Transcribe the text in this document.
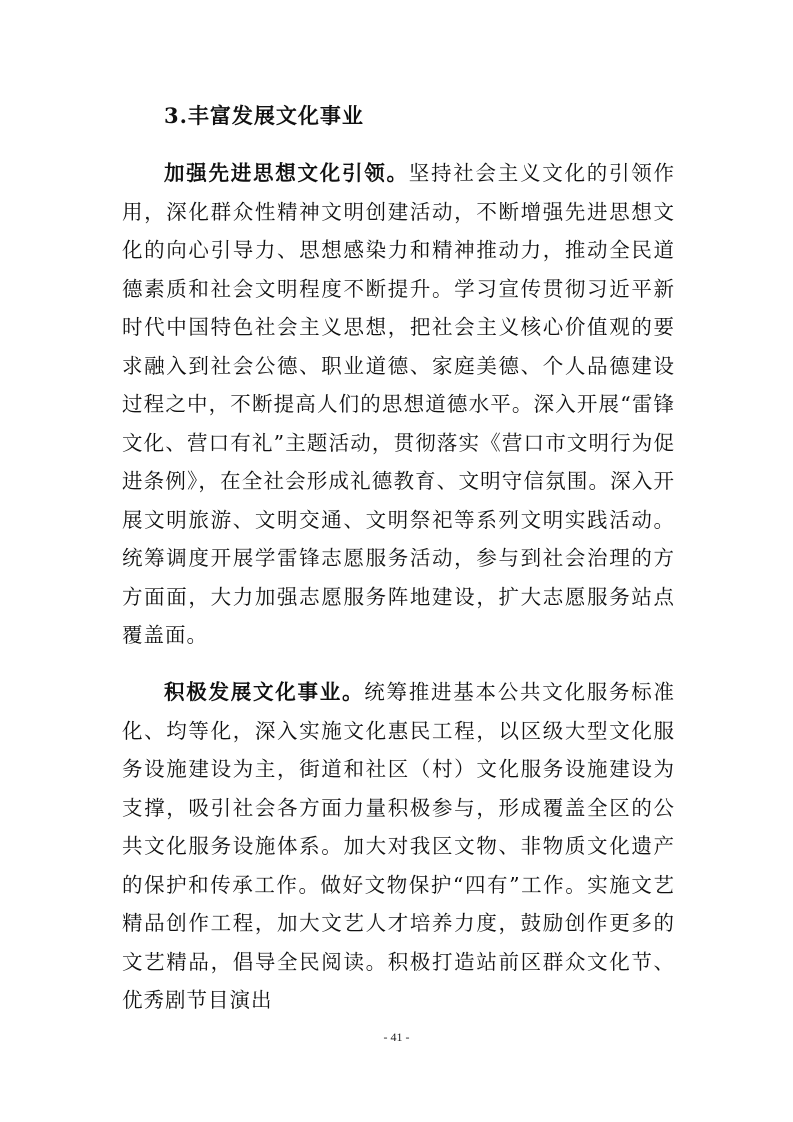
3.丰富发展文化事业

加强先进思想文化引领。坚持社会主义文化的引领作用，深化群众性精神文明创建活动，不断增强先进思想文化的向心引导力、思想感染力和精神推动力，推动全民道德素质和社会文明程度不断提升。学习宣传贯彻习近平新时代中国特色社会主义思想，把社会主义核心价值观的要求融入到社会公德、职业道德、家庭美德、个人品德建设过程之中，不断提高人们的思想道德水平。深入开展“雷锋文化、营口有礼”主题活动，贯彻落实《营口市文明行为促进条例》，在全社会形成礼德教育、文明守信氛围。深入开展文明旅游、文明交通、文明祭祀等系列文明实践活动。统筹调度开展学雷锋志愿服务活动，参与到社会治理的方方面面，大力加强志愿服务阵地建设，扩大志愿服务站点覆盖面。

积极发展文化事业。统筹推进基本公共文化服务标准化、均等化，深入实施文化惠民工程，以区级大型文化服务设施建设为主，街道和社区（村）文化服务设施建设为支撑，吸引社会各方面力量积极参与，形成覆盖全区的公共文化服务设施体系。加大对我区文物、非物质文化遗产的保护和传承工作。做好文物保护“四有”工作。实施文艺精品创作工程，加大文艺人才培养力度，鼓励创作更多的文艺精品，倡导全民阅读。积极打造站前区群众文化节、优秀剧节目演出

- 41 -
